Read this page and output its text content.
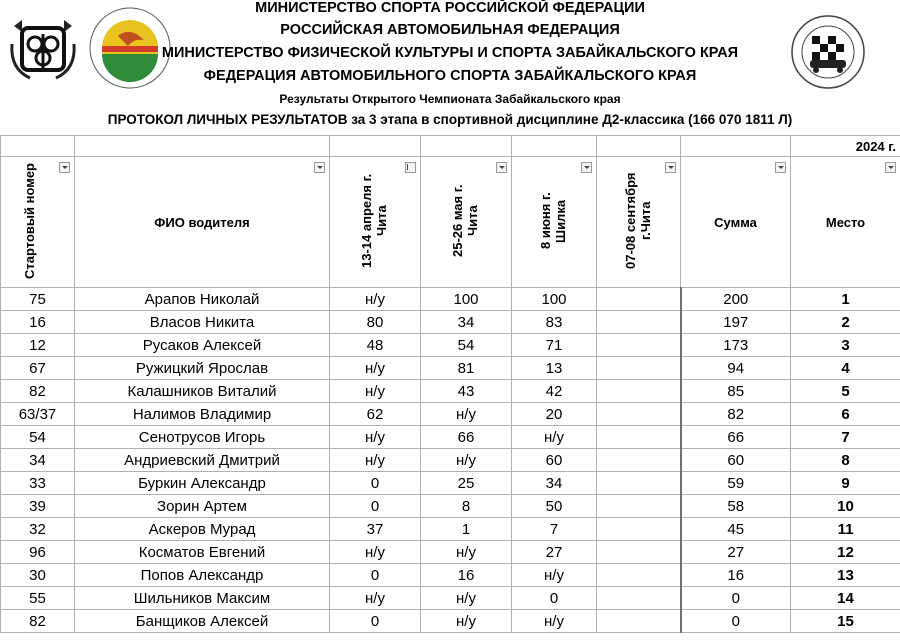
МИНИСТЕРСТВО СПОРТА РОССИЙСКОЙ ФЕДЕРАЦИИ
РОССИЙСКАЯ АВТОМОБИЛЬНАЯ ФЕДЕРАЦИЯ
МИНИСТЕРСТВО ФИЗИЧЕСКОЙ КУЛЬТУРЫ И СПОРТА ЗАБАЙКАЛЬСКОГО КРАЯ
ФЕДЕРАЦИЯ АВТОМОБИЛЬНОГО СПОРТА ЗАБАЙКАЛЬСКОГО КРАЯ
Результаты Открытого Чемпионата Забайкальского края
ПРОТОКОЛ ЛИЧНЫХ РЕЗУЛЬТАТОВ за 3 этапа в спортивной дисциплине Д2-классика (166 070 1811 Л)
							2024 г.
Стартовый номер	ФИО водителя	13-14 апреля г. Чита	25-26 мая г. Чита	8 июня г. Шилка	07-08 сентября г.Чита	Сумма	Место

75	Арапов Николай	н/у	100	100		200	1
16	Власов Никита	80	34	83		197	2
12	Русаков Алексей	48	54	71		173	3
67	Ружицкий Ярослав	н/у	81	13		94	4
82	Калашников Виталий	н/у	43	42		85	5
63/37	Налимов Владимир	62	н/у	20		82	6
54	Сенотрусов Игорь	н/у	66	н/у		66	7
34	Андриевский Дмитрий	н/у	н/у	60		60	8
33	Буркин Александр	0	25	34		59	9
39	Зорин Артем	0	8	50		58	10
32	Аскеров Мурад	37	1	7		45	11
96	Косматов Евгений	н/у	н/у	27		27	12
30	Попов Александр	0	16	н/у		16	13
55	Шильников Максим	н/у	н/у	0		0	14
82	Банщиков Алексей	0	н/у	н/у		0	15
